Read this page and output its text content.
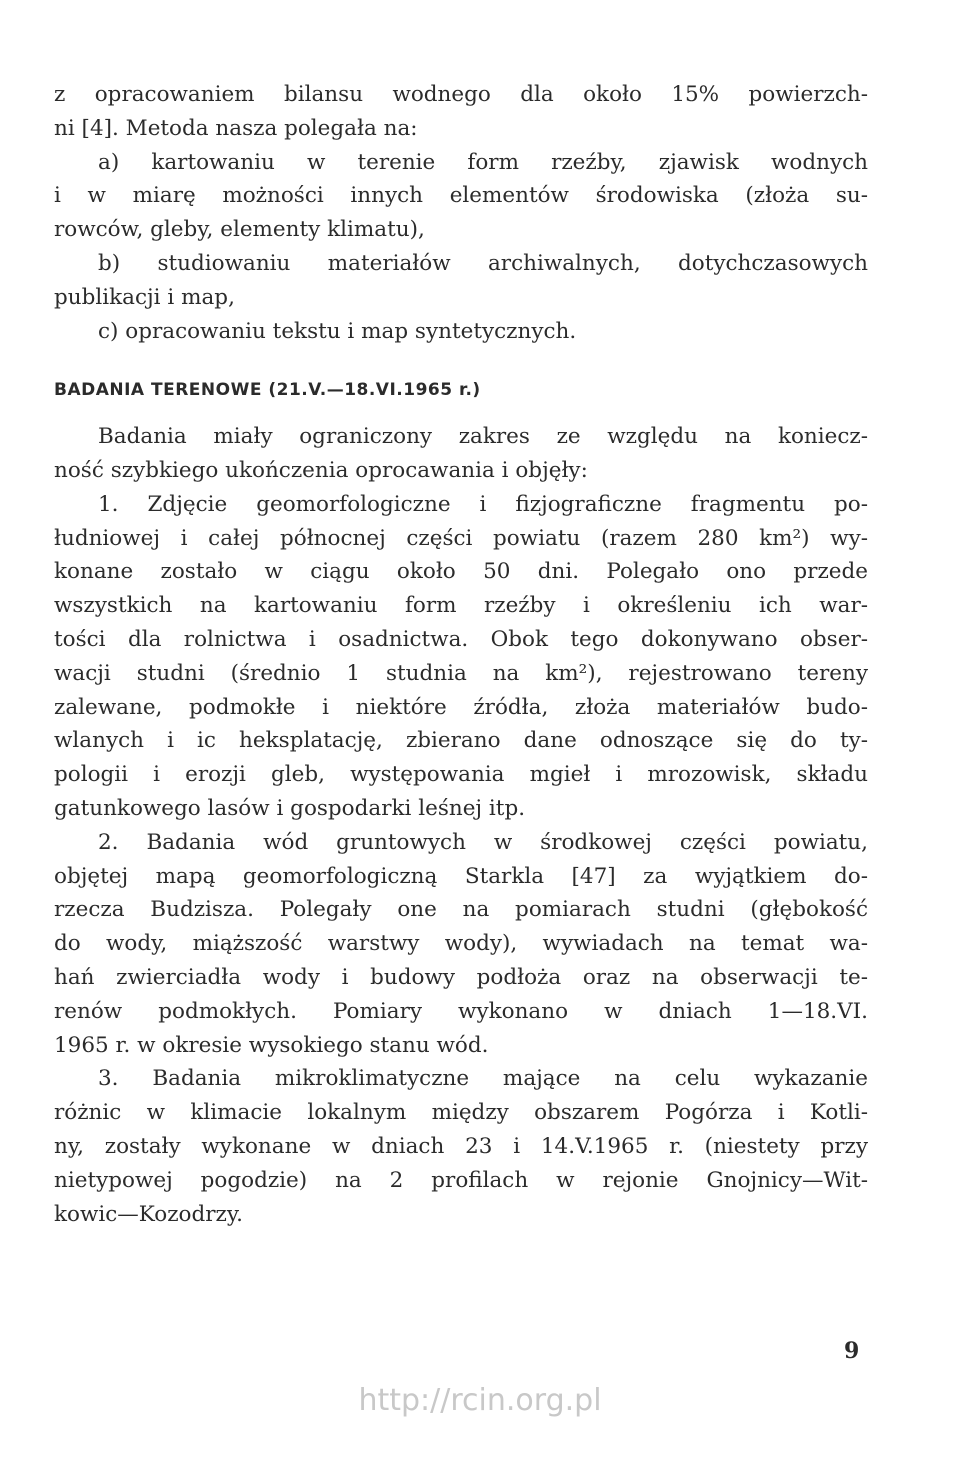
z opracowaniem bilansu wodnego dla około 15% powierzch-
ni [4]. Metoda nasza polegała na:
a) kartowaniu w terenie form rzeźby, zjawisk wodnych
i w miarę możności innych elementów środowiska (złoża su-
rowców, gleby, elementy klimatu),
b) studiowaniu materiałów archiwalnych, dotychczasowych
publikacji i map,
c) opracowaniu tekstu i map syntetycznych.
BADANIA TERENOWE (21.V.—18.VI.1965 r.)
Badania miały ograniczony zakres ze względu na koniecz-
ność szybkiego ukończenia oprocawania i objęły:
1. Zdjęcie geomorfologiczne i fizjograficzne fragmentu po-
łudniowej i całej północnej części powiatu (razem 280 km²) wy-
konane zostało w ciągu około 50 dni. Polegało ono przede
wszystkich na kartowaniu form rzeźby i określeniu ich war-
tości dla rolnictwa i osadnictwa. Obok tego dokonywano obser-
wacji studni (średnio 1 studnia na km²), rejestrowano tereny
zalewane, podmokłe i niektóre źródła, złoża materiałów budo-
wlanych i ic heksplatację, zbierano dane odnoszące się do ty-
pologii i erozji gleb, występowania mgieł i mrozowisk, składu
gatunkowego lasów i gospodarki leśnej itp.
2. Badania wód gruntowych w środkowej części powiatu,
objętej mapą geomorfologiczną Starkla [47] za wyjątkiem do-
rzecza Budzisza. Polegały one na pomiarach studni (głębokość
do wody, miąższość warstwy wody), wywiadach na temat wa-
hań zwierciadła wody i budowy podłoża oraz na obserwacji te-
renów podmokłych. Pomiary wykonano w dniach 1—18.VI.
1965 r. w okresie wysokiego stanu wód.
3. Badania mikroklimatyczne mające na celu wykazanie
różnic w klimacie lokalnym między obszarem Pogórza i Kotli-
ny, zostały wykonane w dniach 23 i 14.V.1965 r. (niestety przy
nietypowej pogodzie) na 2 profilach w rejonie Gnojnicy—Wit-
kowic—Kozodrzy.
9
http://rcin.org.pl
